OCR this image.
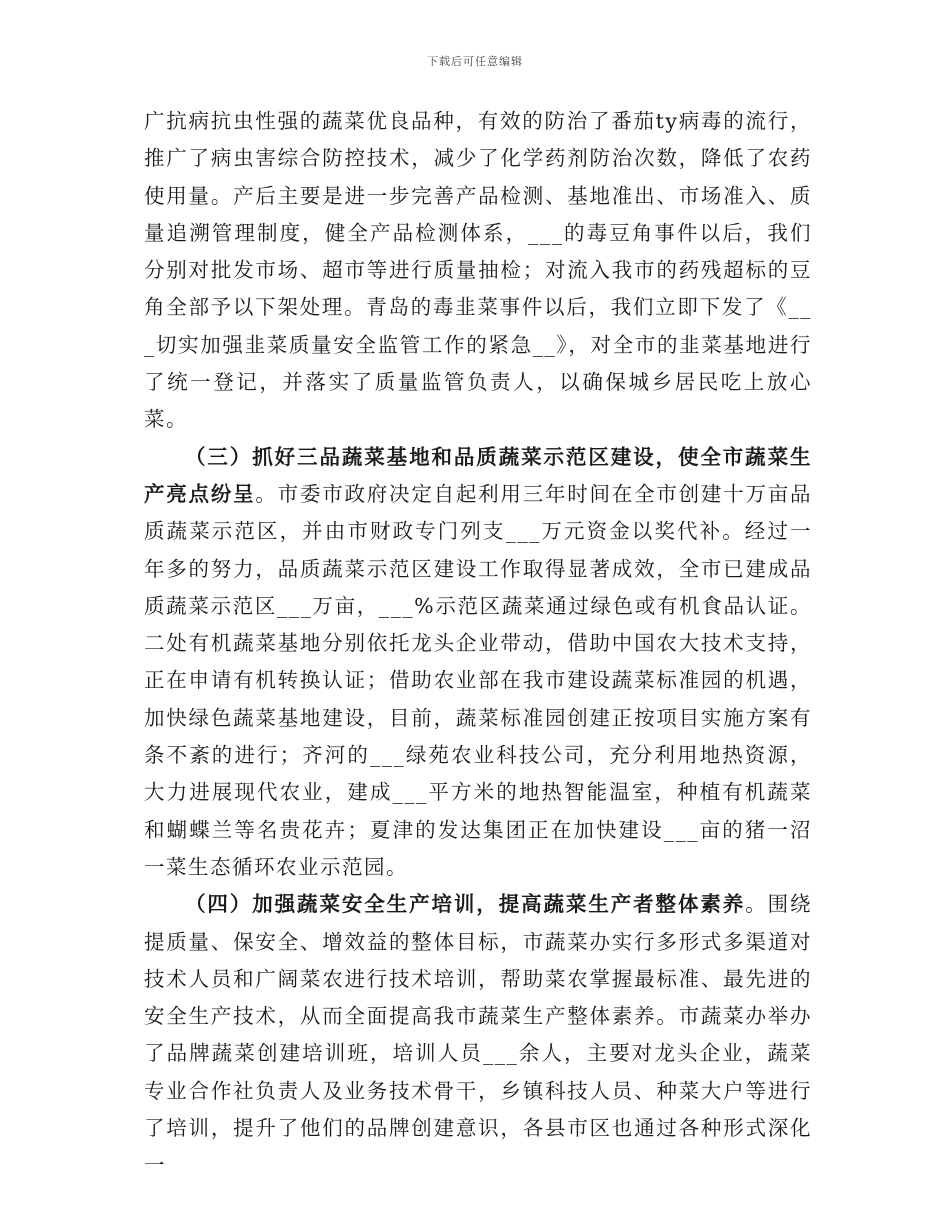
下载后可任意编辑

广抗病抗虫性强的蔬菜优良品种，有效的防治了番茄ty病毒的流行，推广了病虫害综合防控技术，减少了化学药剂防治次数，降低了农药使用量。产后主要是进一步完善产品检测、基地准出、市场准入、质量追溯管理制度，健全产品检测体系，___的毒豆角事件以后，我们分别对批发市场、超市等进行质量抽检；对流入我市的药残超标的豆角全部予以下架处理。青岛的毒韭菜事件以后，我们立即下发了《___切实加强韭菜质量安全监管工作的紧急__》，对全市的韭菜基地进行了统一登记，并落实了质量监管负责人，以确保城乡居民吃上放心菜。

（三）抓好三品蔬菜基地和品质蔬菜示范区建设，使全市蔬菜生产亮点纷呈。市委市政府决定自起利用三年时间在全市创建十万亩品质蔬菜示范区，并由市财政专门列支___万元资金以奖代补。经过一年多的努力，品质蔬菜示范区建设工作取得显著成效，全市已建成品质蔬菜示范区___万亩，___%示范区蔬菜通过绿色或有机食品认证。二处有机蔬菜基地分别依托龙头企业带动，借助中国农大技术支持，正在申请有机转换认证；借助农业部在我市建设蔬菜标准园的机遇，加快绿色蔬菜基地建设，目前，蔬菜标准园创建正按项目实施方案有条不紊的进行；齐河的___绿苑农业科技公司，充分利用地热资源，大力进展现代农业，建成___平方米的地热智能温室，种植有机蔬菜和蝴蝶兰等名贵花卉；夏津的发达集团正在加快建设___亩的猪一沼一菜生态循环农业示范园。

（四）加强蔬菜安全生产培训，提高蔬菜生产者整体素养。围绕提质量、保安全、增效益的整体目标，市蔬菜办实行多形式多渠道对技术人员和广阔菜农进行技术培训，帮助菜农掌握最标准、最先进的安全生产技术，从而全面提高我市蔬菜生产整体素养。市蔬菜办举办了品牌蔬菜创建培训班，培训人员___余人，主要对龙头企业，蔬菜专业合作社负责人及业务技术骨干，乡镇科技人员、种菜大户等进行了培训，提升了他们的品牌创建意识，各县市区也通过各种形式深化一
